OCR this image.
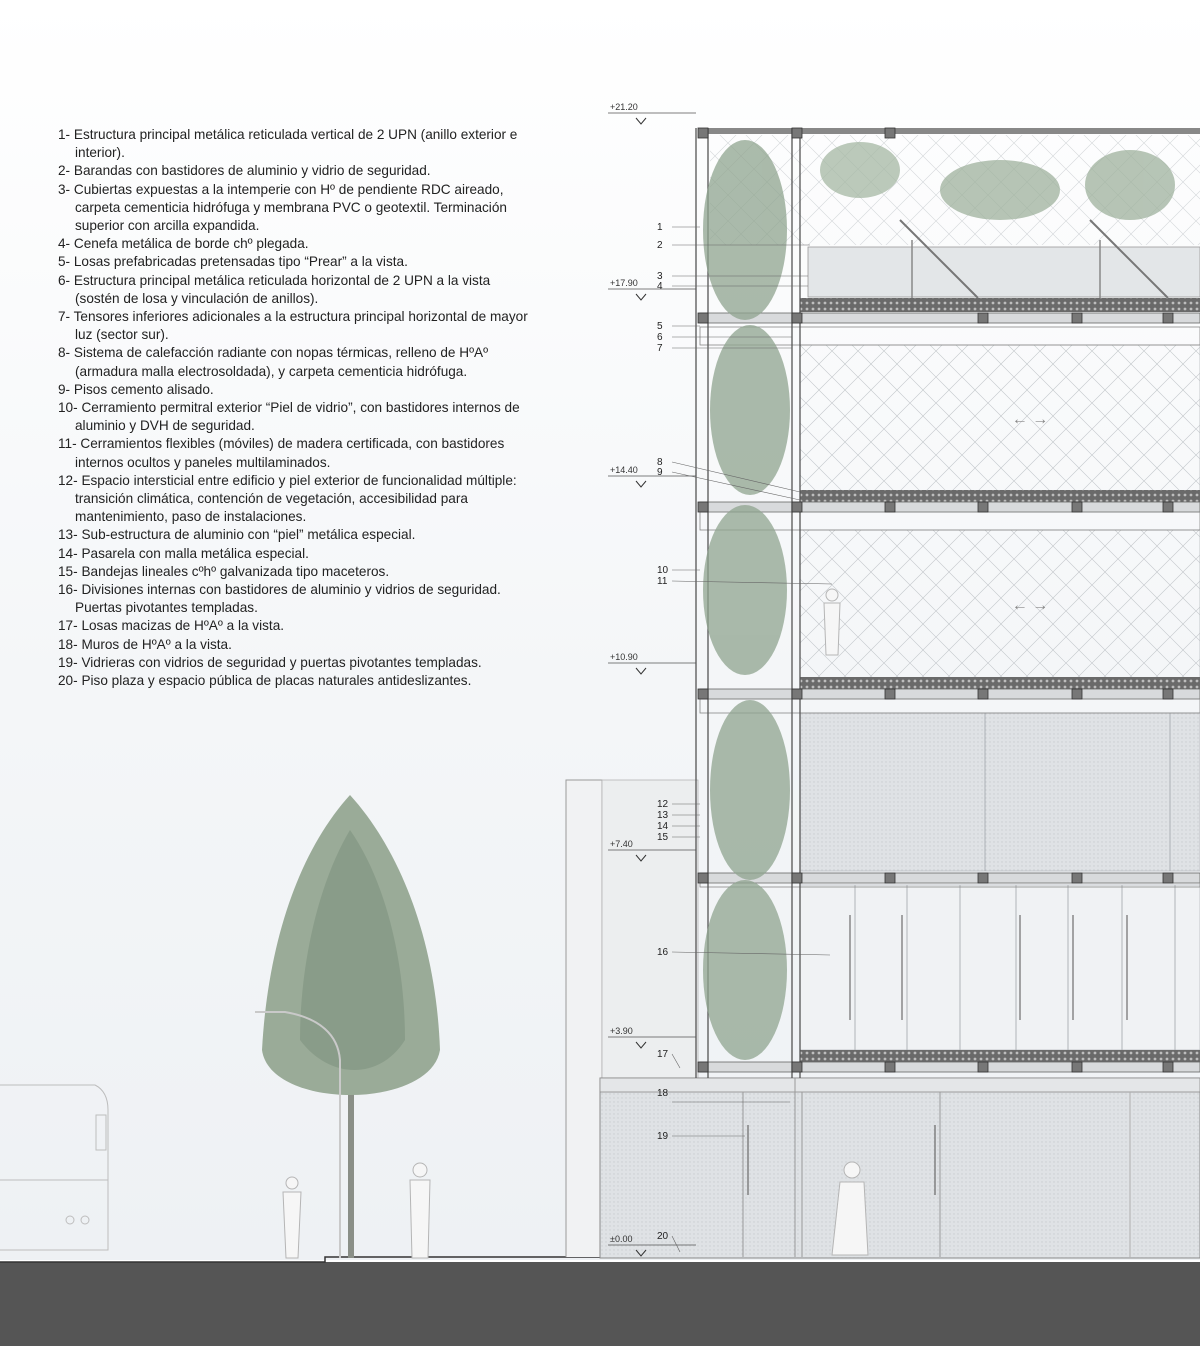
1- Estructura principal metálica reticulada vertical de 2 UPN (anillo exterior e interior).
2- Barandas con bastidores de aluminio y vidrio de seguridad.
3- Cubiertas expuestas a la intemperie con Hº de pendiente RDC aireado, carpeta cementicia hidrófuga y membrana PVC o geotextil. Terminación superior con arcilla expandida.
4- Cenefa metálica de borde chº plegada.
5- Losas prefabricadas pretensadas tipo “Prear” a la vista.
6- Estructura principal metálica reticulada horizontal de 2 UPN a la vista (sostén de losa y vinculación de anillos).
7- Tensores inferiores adicionales a la estructura principal horizontal de mayor luz (sector sur).
8- Sistema de calefacción radiante con nopas térmicas, relleno de HºAº (armadura malla electrosoldada), y carpeta cementicia hidrófuga.
9- Pisos cemento alisado.
10- Cerramiento permitral exterior “Piel de vidrio”, con bastidores internos de aluminio y DVH de seguridad.
11- Cerramientos flexibles (móviles) de madera certificada, con bastidores internos ocultos y paneles multilaminados.
12- Espacio intersticial entre edificio y piel exterior de funcionalidad múltiple: transición climática, contención de vegetación, accesibilidad para mantenimiento, paso de instalaciones.
13- Sub-estructura de aluminio con “piel” metálica especial.
14- Pasarela con malla metálica especial.
15- Bandejas lineales cºhº galvanizada tipo maceteros.
16- Divisiones internas con bastidores de aluminio y vidrios de seguridad. Puertas pivotantes templadas.
17- Losas macizas de HºAº a la vista.
18- Muros de HºAº a la vista.
19- Vidrieras con vidrios de seguridad y puertas pivotantes templadas.
20- Piso plaza y espacio pública de placas naturales antideslizantes.
← →
← →
+21.20
+17.90
+14.40
+10.90
+7.40
+3.90
±0.00
1
2
3
4
5
6
7
8
9
10
11
12
13
14
15
16
17
18
19
20
